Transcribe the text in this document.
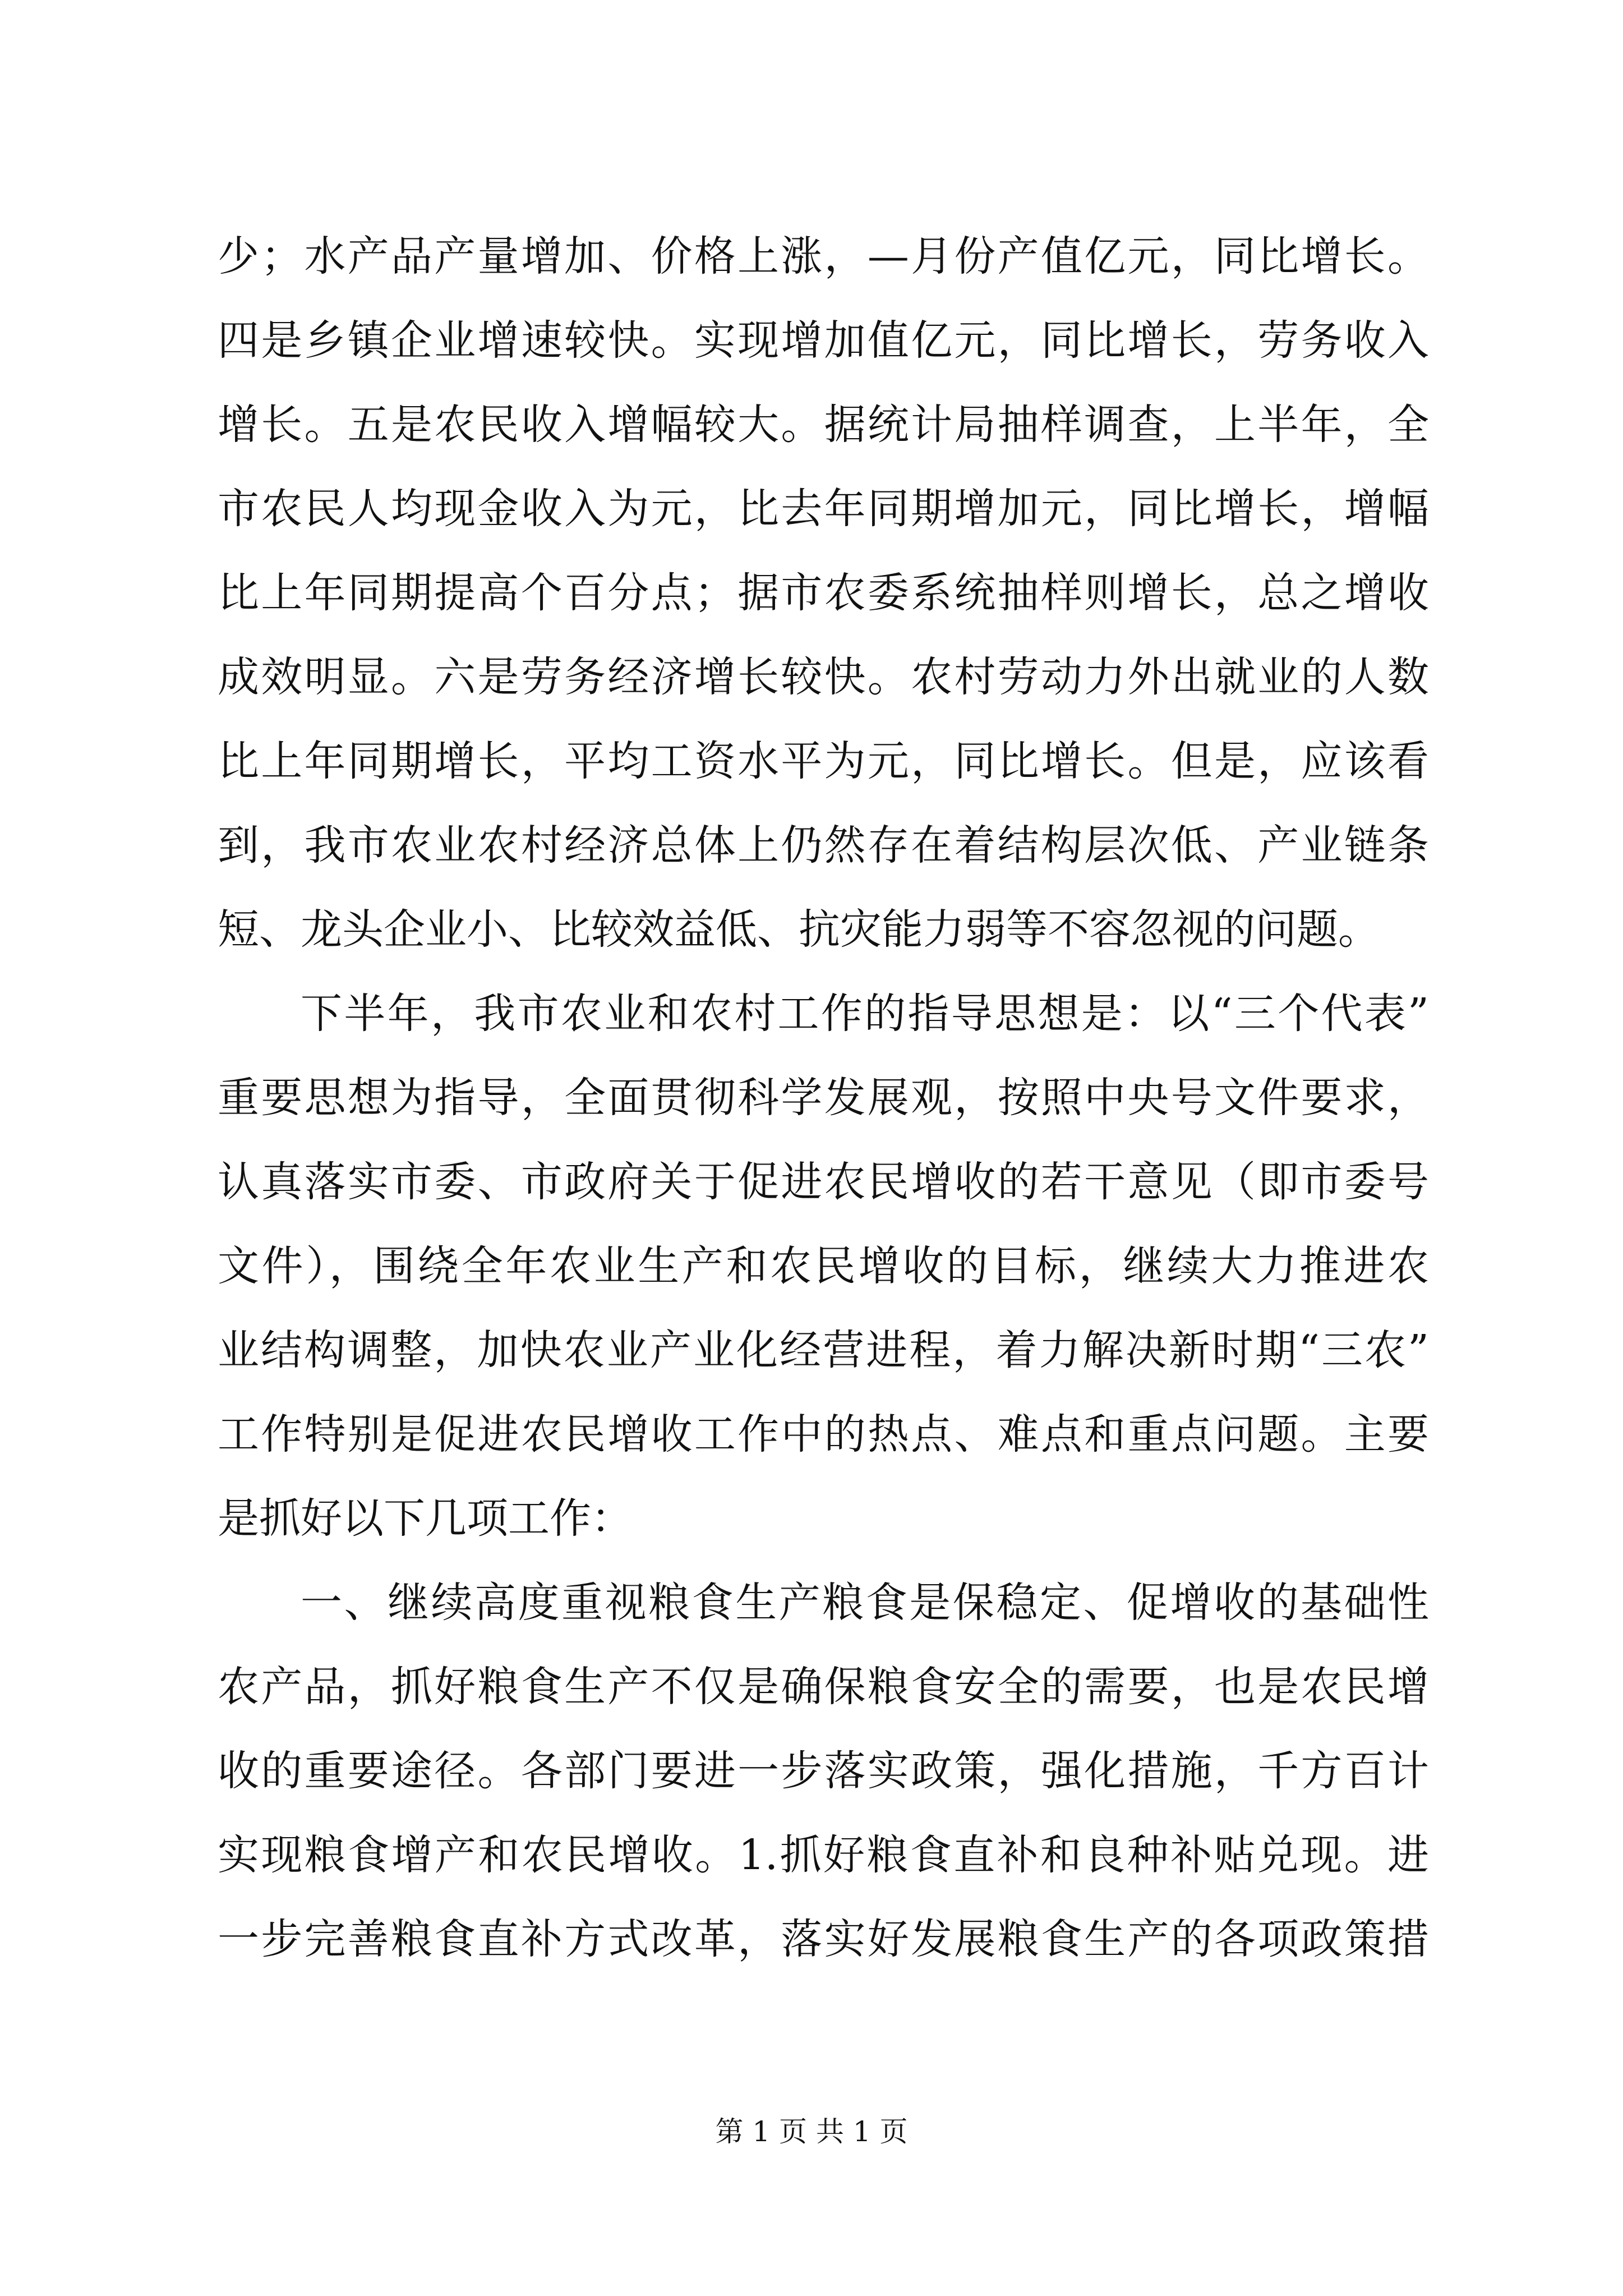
少；水产品产量增加、价格上涨，—月份产值亿元，同比增长。
四是乡镇企业增速较快。实现增加值亿元，同比增长，劳务收入
增长。五是农民收入增幅较大。据统计局抽样调查，上半年，全
市农民人均现金收入为元，比去年同期增加元，同比增长，增幅
比上年同期提高个百分点；据市农委系统抽样则增长，总之增收
成效明显。六是劳务经济增长较快。农村劳动力外出就业的人数
比上年同期增长，平均工资水平为元，同比增长。但是，应该看
到，我市农业农村经济总体上仍然存在着结构层次低、产业链条
短、龙头企业小、比较效益低、抗灾能力弱等不容忽视的问题。
下半年，我市农业和农村工作的指导思想是：以“三个代表”
重要思想为指导，全面贯彻科学发展观，按照中央号文件要求，
认真落实市委、市政府关于促进农民增收的若干意见（即市委号
文件），围绕全年农业生产和农民增收的目标，继续大力推进农
业结构调整，加快农业产业化经营进程，着力解决新时期“三农”
工作特别是促进农民增收工作中的热点、难点和重点问题。主要
是抓好以下几项工作：
一、继续高度重视粮食生产粮食是保稳定、促增收的基础性
农产品，抓好粮食生产不仅是确保粮食安全的需要，也是农民增
收的重要途径。各部门要进一步落实政策，强化措施，千方百计
实现粮食增产和农民增收。1.抓好粮食直补和良种补贴兑现。进
一步完善粮食直补方式改革，落实好发展粮食生产的各项政策措
第 1 页 共 1 页
